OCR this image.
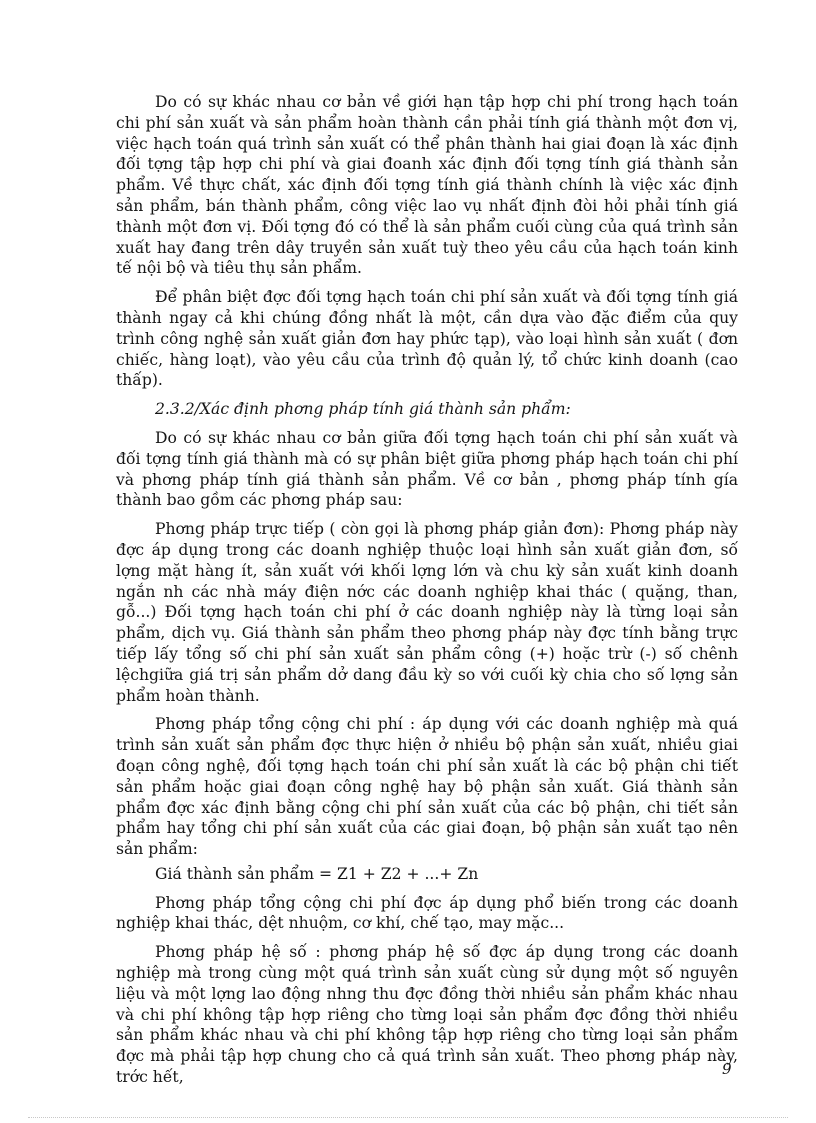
Do có sự khác nhau cơ bản về giới hạn tập hợp chi phí trong hạch toán chi phí sản xuất và sản phẩm hoàn thành cần phải tính giá thành một đơn vị, việc hạch toán quá trình sản xuất có thể phân thành hai giai đoạn là xác định đối tợng tập hợp chi phí và giai đoanh xác định đối tợng tính giá thành sản phẩm. Về thực chất, xác định đối tợng tính giá thành chính là việc xác định sản phẩm, bán thành phẩm, công việc lao vụ nhất định đòi hỏi phải tính giá thành một đơn vị. Đối tợng đó có thể là sản phẩm cuối cùng của quá trình sản xuất hay đang trên dây truyền sản xuất tuỳ theo yêu cầu của hạch toán kinh tế nội bộ và tiêu thụ sản phẩm.

Để phân biệt đợc đối tợng hạch toán chi phí sản xuất và đối tợng tính giá thành ngay cả khi chúng đồng nhất là một, cần dựa vào đặc điểm của quy trình công nghệ sản xuất giản đơn hay phức tạp), vào loại hình sản xuất ( đơn chiếc, hàng loạt), vào yêu cầu của trình độ quản lý, tổ chức kinh doanh (cao thấp).

2.3.2/Xác định phơng pháp tính giá thành sản phẩm:

Do có sự khác nhau cơ bản giữa đối tợng hạch toán chi phí sản xuất và đối tợng tính giá thành mà có sự phân biệt giữa phơng pháp hạch toán chi phí và phơng pháp tính giá thành sản phẩm. Về cơ bản , phơng pháp tính gía thành bao gồm các phơng pháp sau:

Phơng pháp trực tiếp ( còn gọi là phơng pháp giản đơn): Phơng pháp này đợc áp dụng trong các doanh nghiệp thuộc loại hình sản xuất giản đơn, số lợng mặt hàng ít, sản xuất với khối lợng lớn và chu kỳ sản xuất kinh doanh ngắn nh các nhà máy điện nớc các doanh nghiệp khai thác ( quặng, than, gỗ...) Đối tợng hạch toán chi phí ở các doanh nghiệp này là từng loại sản phẩm, dịch vụ. Giá thành sản phẩm theo phơng pháp này đợc tính bằng trực tiếp lấy tổng số chi phí sản xuất sản phẩm công (+) hoặc trừ (-) số chênh lệchgiữa giá trị sản phẩm dở dang đầu kỳ so với cuối kỳ chia cho số lợng sản phẩm hoàn thành.

Phơng pháp tổng cộng chi phí : áp dụng với các doanh nghiệp mà quá trình sản xuất sản phẩm đợc thực hiện ở nhiều bộ phận sản xuất, nhiều giai đoạn công nghệ, đối tợng hạch toán chi phí sản xuất là các bộ phận chi tiết sản phẩm hoặc giai đoạn công nghệ hay bộ phận sản xuất. Giá thành sản phẩm đợc xác định bằng cộng chi phí sản xuất của các bộ phận, chi tiết sản phẩm hay tổng chi phí sản xuất của các giai đoạn, bộ phận sản xuất tạo nên sản phẩm:

Giá thành sản phẩm = Z1 + Z2 + ...+ Zn

Phơng pháp tổng cộng chi phí đợc áp dụng phổ biến trong các doanh nghiệp khai thác, dệt nhuộm, cơ khí, chế tạo, may mặc...

Phơng pháp hệ số : phơng pháp hệ số đợc áp dụng trong các doanh nghiệp mà trong cùng một quá trình sản xuất cùng sử dụng một số nguyên liệu và một lợng lao động nhng thu đợc đồng thời nhiều sản phẩm khác nhau và chi phí không tập hợp riêng cho từng loại sản phẩm đợc đồng thời nhiều sản phẩm khác nhau và chi phí không tập hợp riêng cho từng loại sản phẩm đợc mà phải tập hợp chung cho cả quá trình sản xuất. Theo phơng pháp này, trớc hết,	9
